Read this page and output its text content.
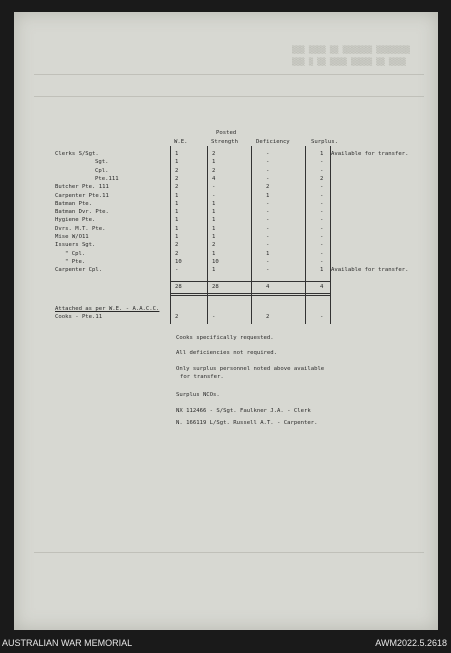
▒▒▒ ▒▒▒▒ ▒▒ ▒▒▒▒▒▒▒ ▒▒▒▒▒▒▒▒
▒▒▒ ▒ ▒▒ ▒▒▒▒ ▒▒▒▒▒ ▒▒ ▒▒▒▒
W.E.
Posted
Strength	Deficiency	Surplus.
Clerks S/Sgt.	1	2	-	1 Available for transfer.
Sgt.	1	1	-	-
Cpl.	2	2	-	-
Pte.111	2	4	-	2
Butcher Pte. 111	2	-	2	-
Carpenter Pte.11	1	-	1	-
Batman Pte.	1	1	-	-
Batman Dvr. Pte.	1	1	-	-
Hygiene Pte.	1	1	-	-
Dvrs. M.T. Pte.	1	1	-	-
Mise W/O11	1	1	-	-
Issuers Sgt.	2	2	-	-
" Cpl.	2	1	1	-
" Pte.	10	10	-	-
Carpenter Cpl.	-	1	-	1 Available for transfer.
28	28	4	4
Attached as per W.E. - A.A.C.C.
Cooks - Pte.11	2	-	2	-
Cooks specifically requested.
All deficiencies not required.
Only surplus personnel noted above available
for transfer.
Surplus NCOs.
NX 112466 - S/Sgt. Faulkner J.A. - Clerk
N. 166119 L/Sgt. Russell A.T. - Carpenter.
AUSTRALIAN WAR MEMORIAL	AWM2022.5.2618
